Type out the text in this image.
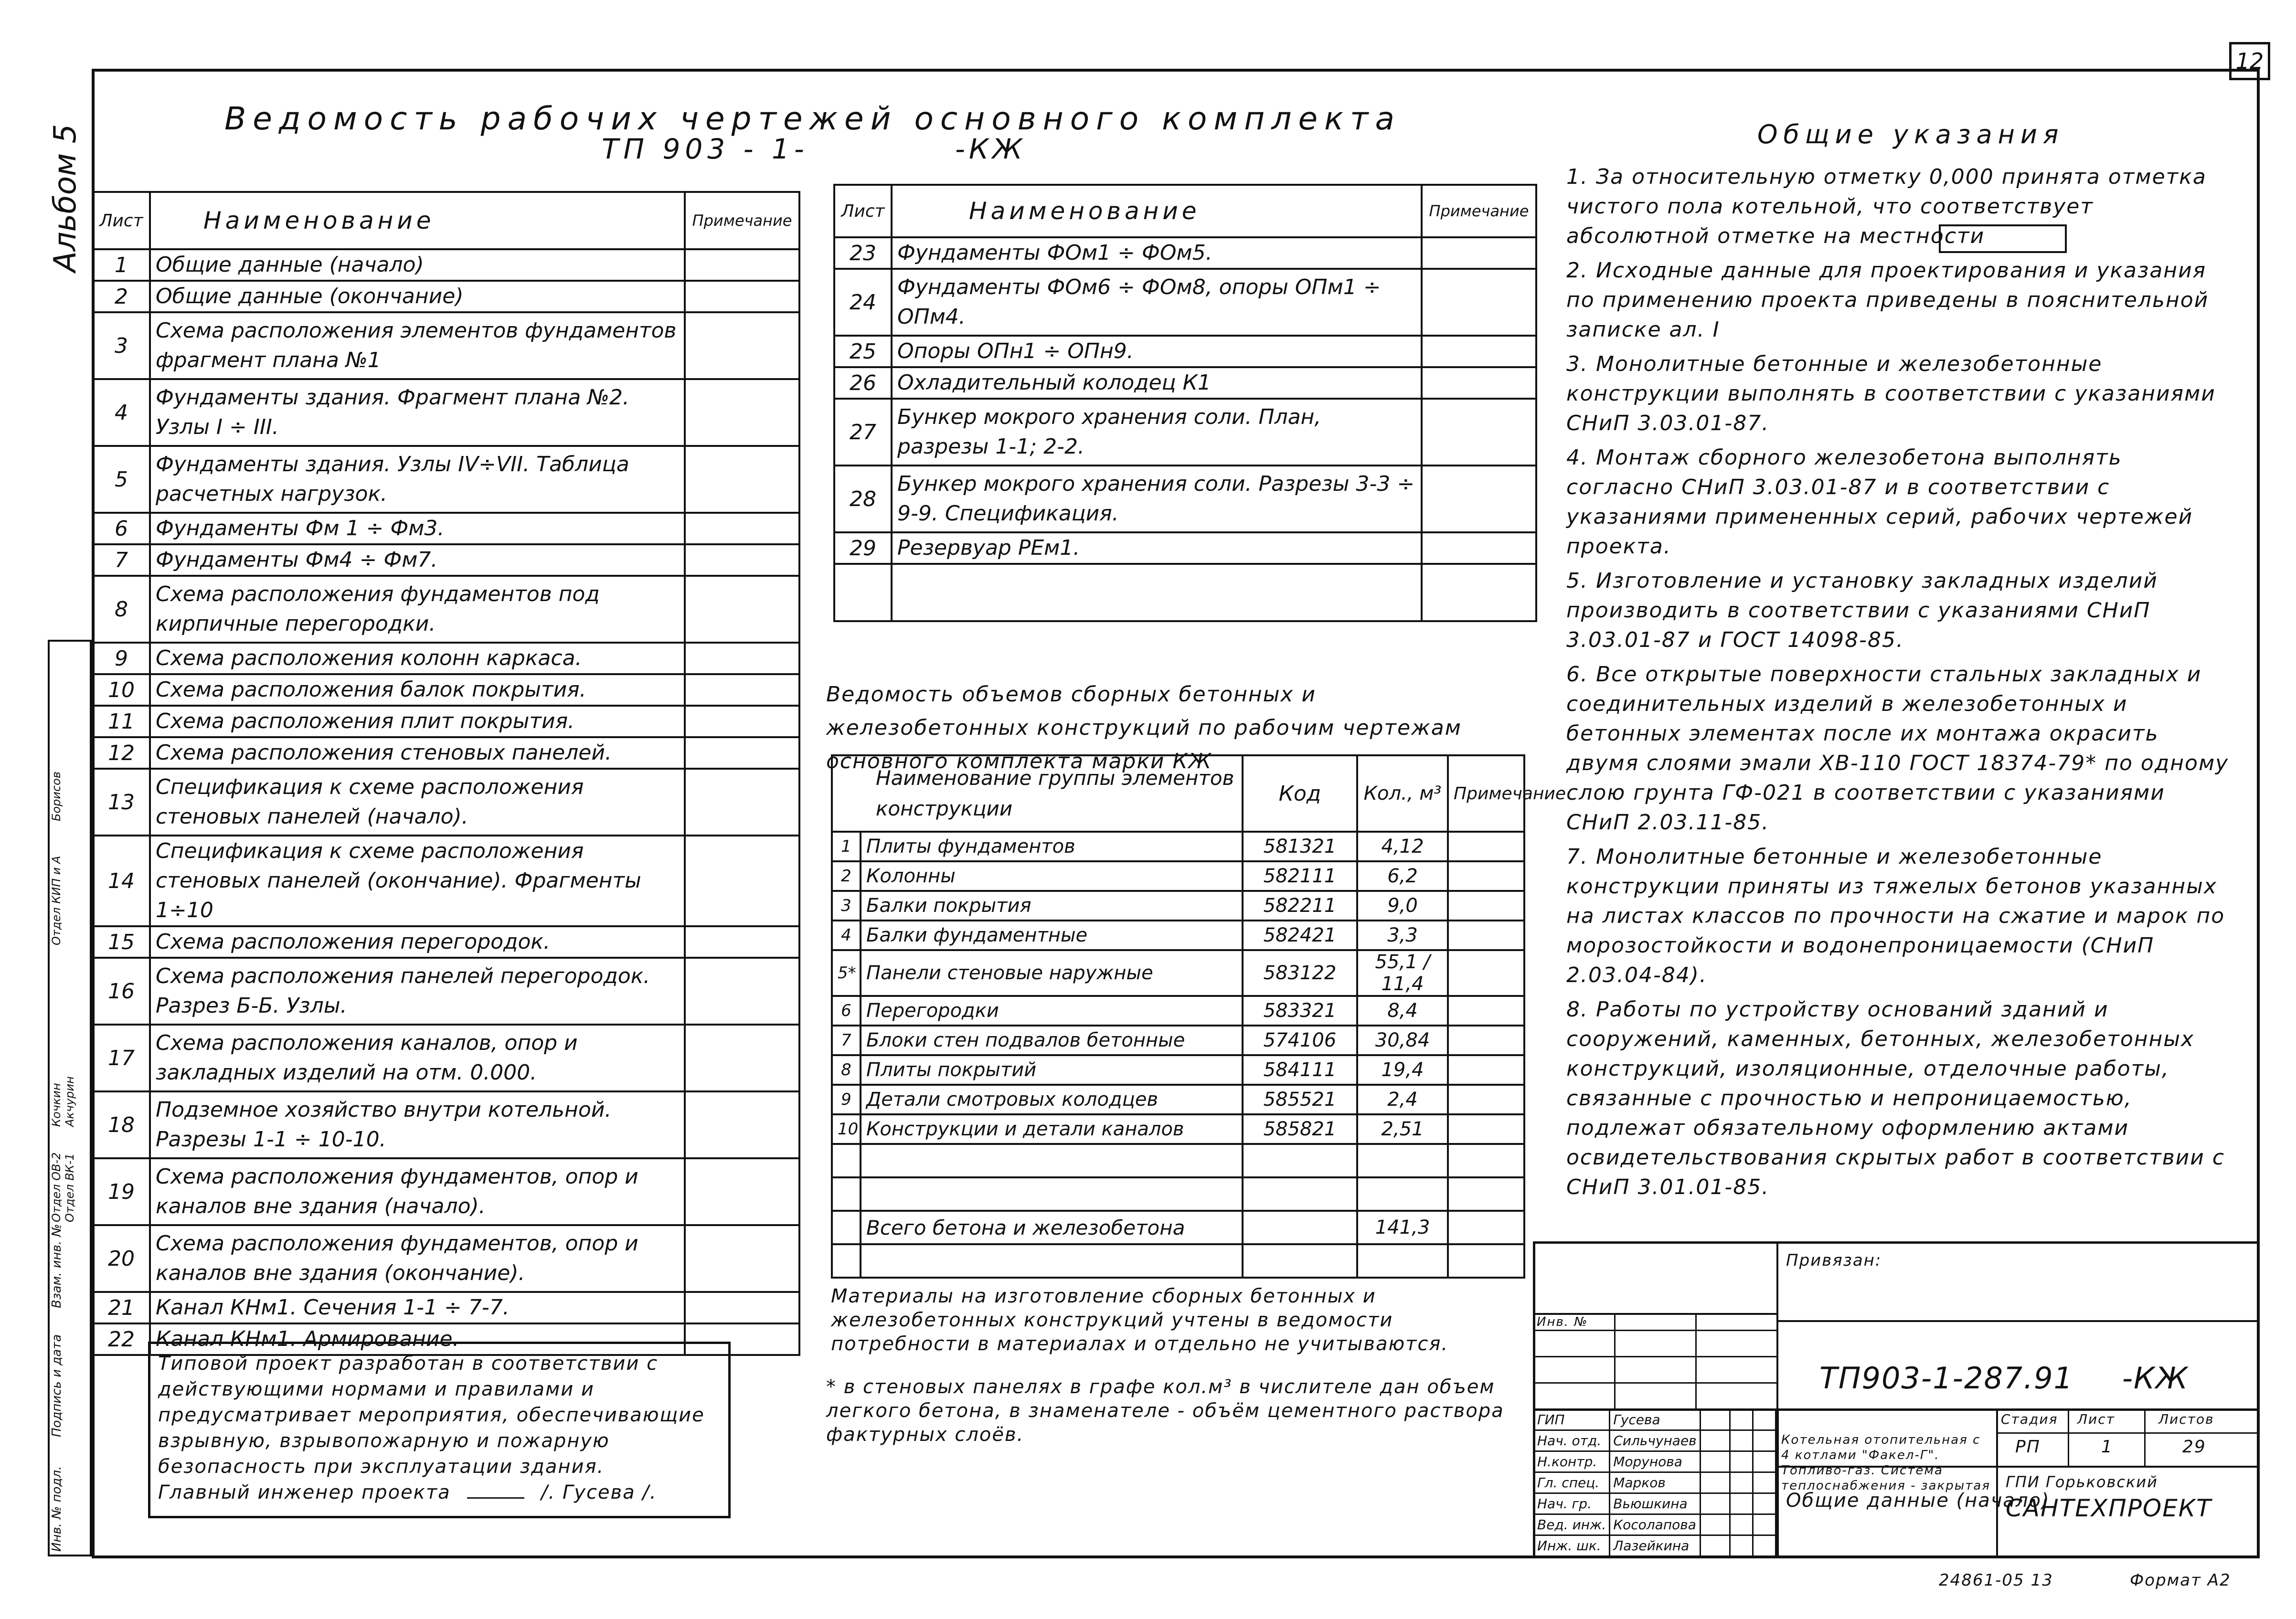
12
Альбом 5
Инв. № подл.
Подпись и дата
Взам. инв. №
Отдел ОВ-2 Отдел ВК-1
Кочкин Акчурин
Отдел КИП и А
Борисов
Ведомость рабочих чертежей основного комплекта
ТП 903 - 1-	-КЖ
Лист	Наименование	Примечание
1	Общие данные (начало)	
2	Общие данные (окончание)	
3	Схема расположения элементов фундаментов фрагмент плана №1	
4	Фундаменты здания. Фрагмент плана №2. Узлы I ÷ III.	
5	Фундаменты здания. Узлы IV÷VII. Таблица расчетных нагрузок.	
6	Фундаменты Фм 1 ÷ Фм3.	
7	Фундаменты Фм4 ÷ Фм7.	
8	Схема расположения фундаментов под кирпичные перегородки.	
9	Схема расположения колонн каркаса.	
10	Схема расположения балок покрытия.	
11	Схема расположения плит покрытия.	
12	Схема расположения стеновых панелей.	
13	Спецификация к схеме расположения стеновых панелей (начало).	
14	Спецификация к схеме расположения стеновых панелей (окончание). Фрагменты 1÷10	
15	Схема расположения перегородок.	
16	Схема расположения панелей перегородок. Разрез Б-Б. Узлы.	
17	Схема расположения каналов, опор и закладных изделий на отм. 0.000.	
18	Подземное хозяйство внутри котельной. Разрезы 1-1 ÷ 10-10.	
19	Схема расположения фундаментов, опор и каналов вне здания (начало).	
20	Схема расположения фундаментов, опор и каналов вне здания (окончание).	
21	Канал КНм1. Сечения 1-1 ÷ 7-7.	
22	Канал КНм1. Армирование.	
Лист	Наименование	Примечание
23	Фундаменты ФОм1 ÷ ФОм5.	
24	Фундаменты ФОм6 ÷ ФОм8, опоры ОПм1 ÷ ОПм4.	
25	Опоры ОПн1 ÷ ОПн9.	
26	Охладительный колодец К1	
27	Бункер мокрого хранения соли. План, разрезы 1-1; 2-2.	
28	Бункер мокрого хранения соли. Разрезы 3-3 ÷ 9-9. Спецификация.	
29	Резервуар РЕм1.	

Ведомость объемов сборных бетонных и железобетонных конструкций по рабочим чертежам основного комплекта марки КЖ
Наименование группы элементов конструкции		Код	Кол., м³	Примечание
1	Плиты фундаментов	581321	4,12	
2	Колонны	582111	6,2	
3	Балки покрытия	582211	9,0	
4	Балки фундаментные	582421	3,3	
5*	Панели стеновые наружные	583122	55,1 / 11,4	
6	Перегородки	583321	8,4	
7	Блоки стен подвалов бетонные	574106	30,84	
8	Плиты покрытий	584111	19,4	
9	Детали смотровых колодцев	585521	2,4	
10	Конструкции и детали каналов	585821	2,51	

	Всего бетона и железобетона		141,3	

Материалы на изготовление сборных бетонных и железобетонных конструкций учтены в ведомости потребности в материалах и отдельно не учитываются.
* в стеновых панелях в графе кол.м³ в числителе дан объем легкого бетона, в знаменателе - объём цементного раствора фактурных слоёв.
Общие указания

1. За относительную отметку 0,000 принята отметка чистого пола котельной, что соответствует абсолютной отметке на местности

2. Исходные данные для проектирования и указания по применению проекта приведены в пояснительной записке ал. I

3. Монолитные бетонные и железобетонные конструкции выполнять в соответствии с указаниями СНиП 3.03.01-87.

4. Монтаж сборного железобетона выполнять согласно СНиП 3.03.01-87 и в соответствии с указаниями примененных серий, рабочих чертежей проекта.

5. Изготовление и установку закладных изделий производить в соответствии с указаниями СНиП 3.03.01-87 и ГОСТ 14098-85.

6. Все открытые поверхности стальных закладных и соединительных изделий в железобетонных и бетонных элементах после их монтажа окрасить двумя слоями эмали ХВ-110 ГОСТ 18374-79* по одному слою грунта ГФ-021 в соответствии с указаниями СНиП 2.03.11-85.

7. Монолитные бетонные и железобетонные конструкции приняты из тяжелых бетонов указанных на листах классов по прочности на сжатие и марок по морозостойкости и водонепроницаемости (СНиП 2.03.04-84).

8. Работы по устройству оснований зданий и сооружений, каменных, бетонных, железобетонных конструкций, изоляционные, отделочные работы, связанные с прочностью и непроницаемостью, подлежат обязательному оформлению актами освидетельствования скрытых работ в соответствии с СНиП 3.01.01-85.

Типовой проект разработан в соответствии с действующими нормами и правилами и предусматривает мероприятия, обеспечивающие взрывную, взрывопожарную и пожарную безопасность при эксплуатации здания.
Главный инженер проекта	/. Гусева /.
Привязан:
Инв. №
ТП903-1-287.91 -КЖ
ГИП	Гусева			
Нач. отд.	Сильчунаев			
Н.контр.	Морунова			
Гл. спец.	Марков			
Нач. гр.	Вьюшкина			
Вед. инж.	Косолапова			
Инж. шк.	Лазейкина			
Котельная отопительная с 4 котлами "Факел-Г". Топливо-газ. Система теплоснабжения - закрытая
Стадия Лист	Листов
РП	1	29
Общие данные (начало)
ГПИ Горьковский
САНТЕХПРОЕКТ
24861-05 13	Формат А2
